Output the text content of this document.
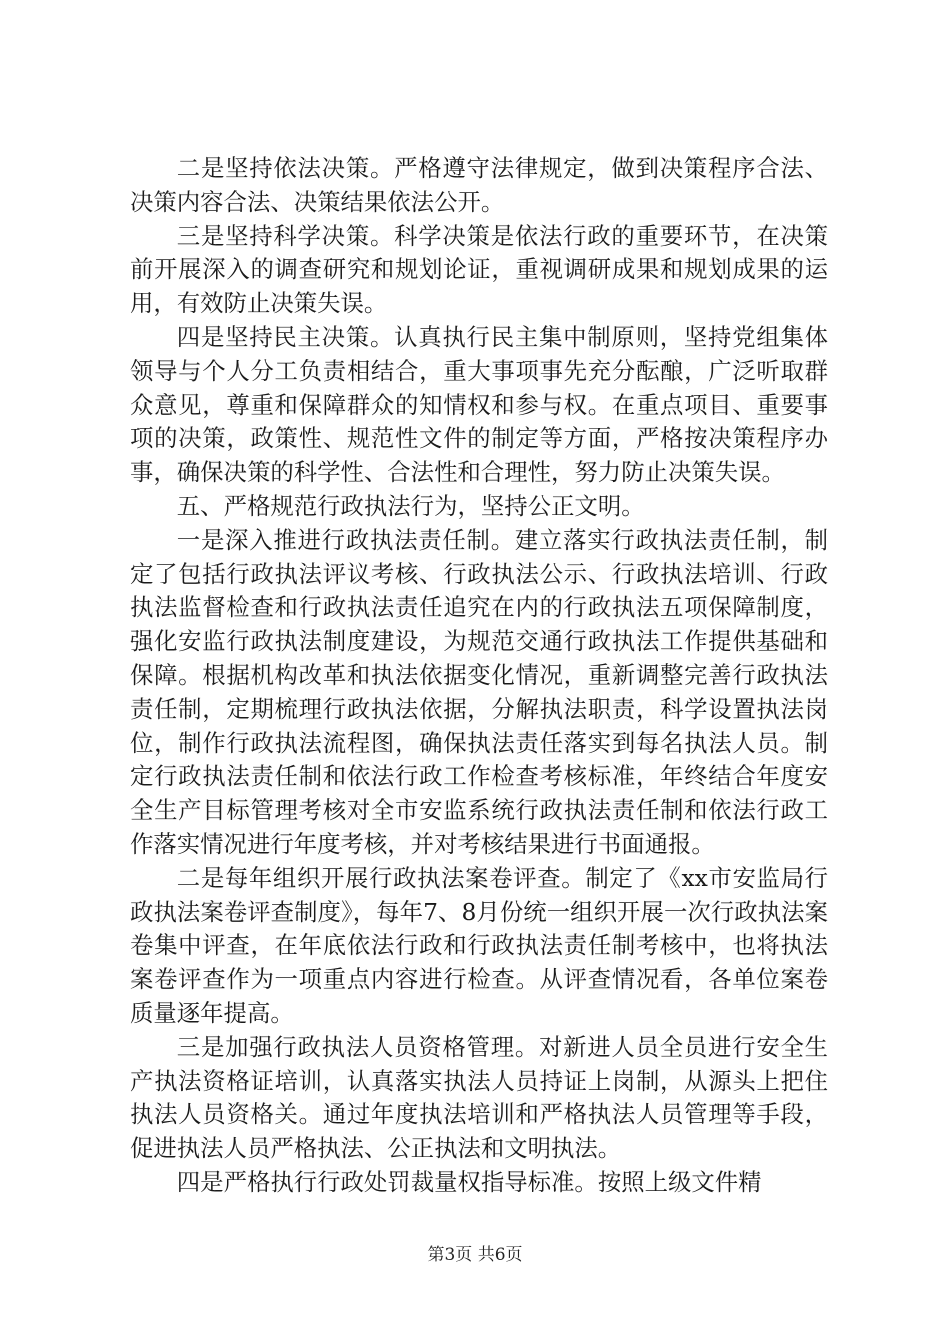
二是坚持依法决策。严格遵守法律规定，做到决策程序合法、决策内容合法、决策结果依法公开。

三是坚持科学决策。科学决策是依法行政的重要环节，在决策前开展深入的调查研究和规划论证，重视调研成果和规划成果的运用，有效防止决策失误。

四是坚持民主决策。认真执行民主集中制原则，坚持党组集体领导与个人分工负责相结合，重大事项事先充分酝酿，广泛听取群众意见，尊重和保障群众的知情权和参与权。在重点项目、重要事项的决策，政策性、规范性文件的制定等方面，严格按决策程序办事，确保决策的科学性、合法性和合理性，努力防止决策失误。

五、严格规范行政执法行为，坚持公正文明。

一是深入推进行政执法责任制。建立落实行政执法责任制，制定了包括行政执法评议考核、行政执法公示、行政执法培训、行政执法监督检查和行政执法责任追究在内的行政执法五项保障制度，强化安监行政执法制度建设，为规范交通行政执法工作提供基础和保障。根据机构改革和执法依据变化情况，重新调整完善行政执法责任制，定期梳理行政执法依据，分解执法职责，科学设置执法岗位，制作行政执法流程图，确保执法责任落实到每名执法人员。制定行政执法责任制和依法行政工作检查考核标准，年终结合年度安全生产目标管理考核对全市安监系统行政执法责任制和依法行政工作落实情况进行年度考核，并对考核结果进行书面通报。

二是每年组织开展行政执法案卷评查。制定了《xx市安监局行政执法案卷评查制度》，每年7、8月份统一组织开展一次行政执法案卷集中评查，在年底依法行政和行政执法责任制考核中，也将执法案卷评查作为一项重点内容进行检查。从评查情况看，各单位案卷质量逐年提高。

三是加强行政执法人员资格管理。对新进人员全员进行安全生产执法资格证培训，认真落实执法人员持证上岗制，从源头上把住执法人员资格关。通过年度执法培训和严格执法人员管理等手段，促进执法人员严格执法、公正执法和文明执法。

四是严格执行行政处罚裁量权指导标准。按照上级文件精

第3页 共6页
